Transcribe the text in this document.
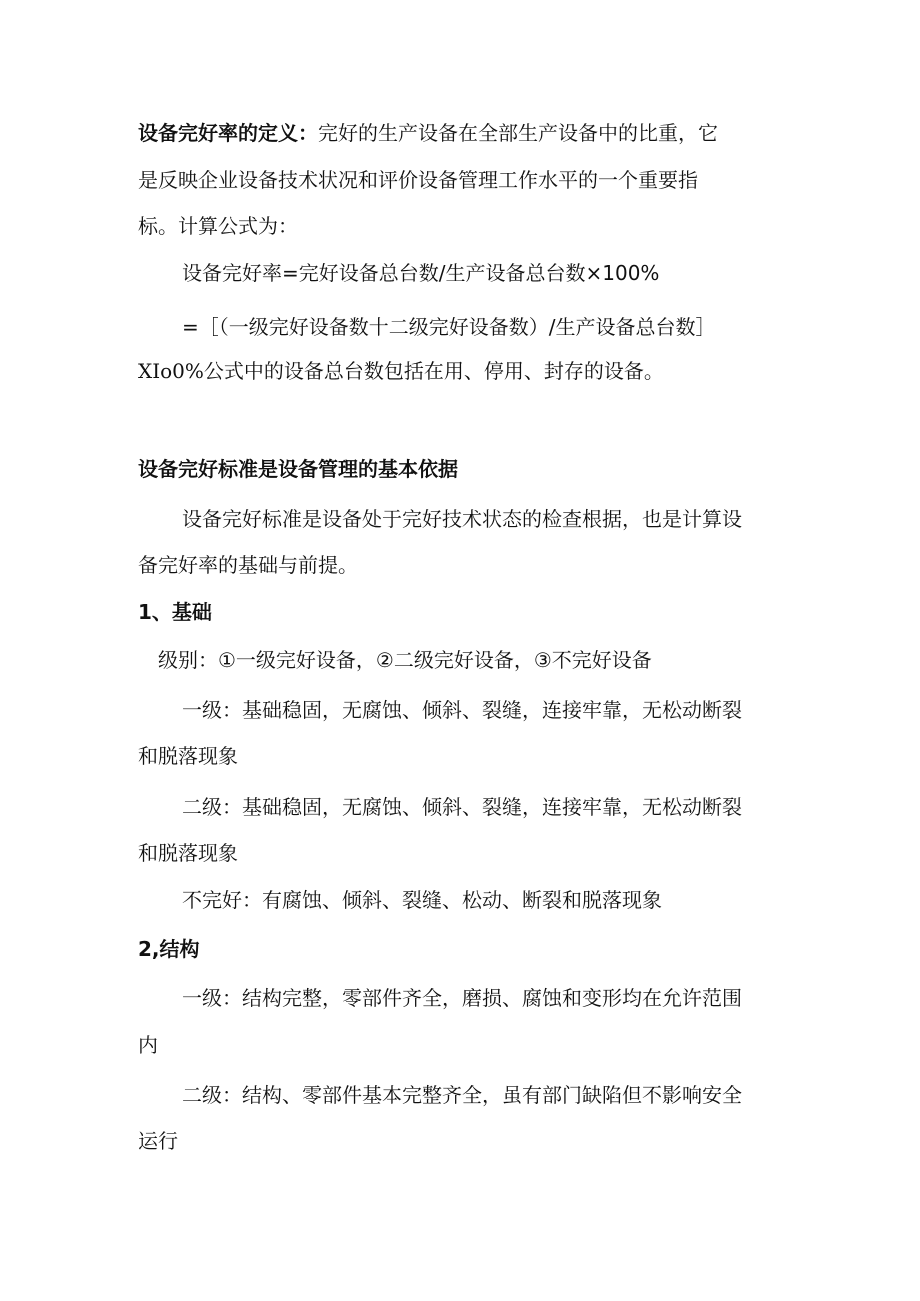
设备完好率的定义：完好的生产设备在全部生产设备中的比重，它
是反映企业设备技术状况和评价设备管理工作水平的一个重要指
标。计算公式为：
设备完好率=完好设备总台数/生产设备总台数×100%
=［（一级完好设备数十二级完好设备数）/生产设备总台数］
XIo0%公式中的设备总台数包括在用、停用、封存的设备。
设备完好标准是设备管理的基本依据
设备完好标准是设备处于完好技术状态的检查根据，也是计算设
备完好率的基础与前提。
1、基础
级别：①一级完好设备，②二级完好设备，③不完好设备
一级：基础稳固，无腐蚀、倾斜、裂缝，连接牢靠，无松动断裂
和脱落现象
二级：基础稳固，无腐蚀、倾斜、裂缝，连接牢靠，无松动断裂
和脱落现象
不完好：有腐蚀、倾斜、裂缝、松动、断裂和脱落现象
2,结构
一级：结构完整，零部件齐全，磨损、腐蚀和变形均在允许范围
内
二级：结构、零部件基本完整齐全，虽有部门缺陷但不影响安全
运行
